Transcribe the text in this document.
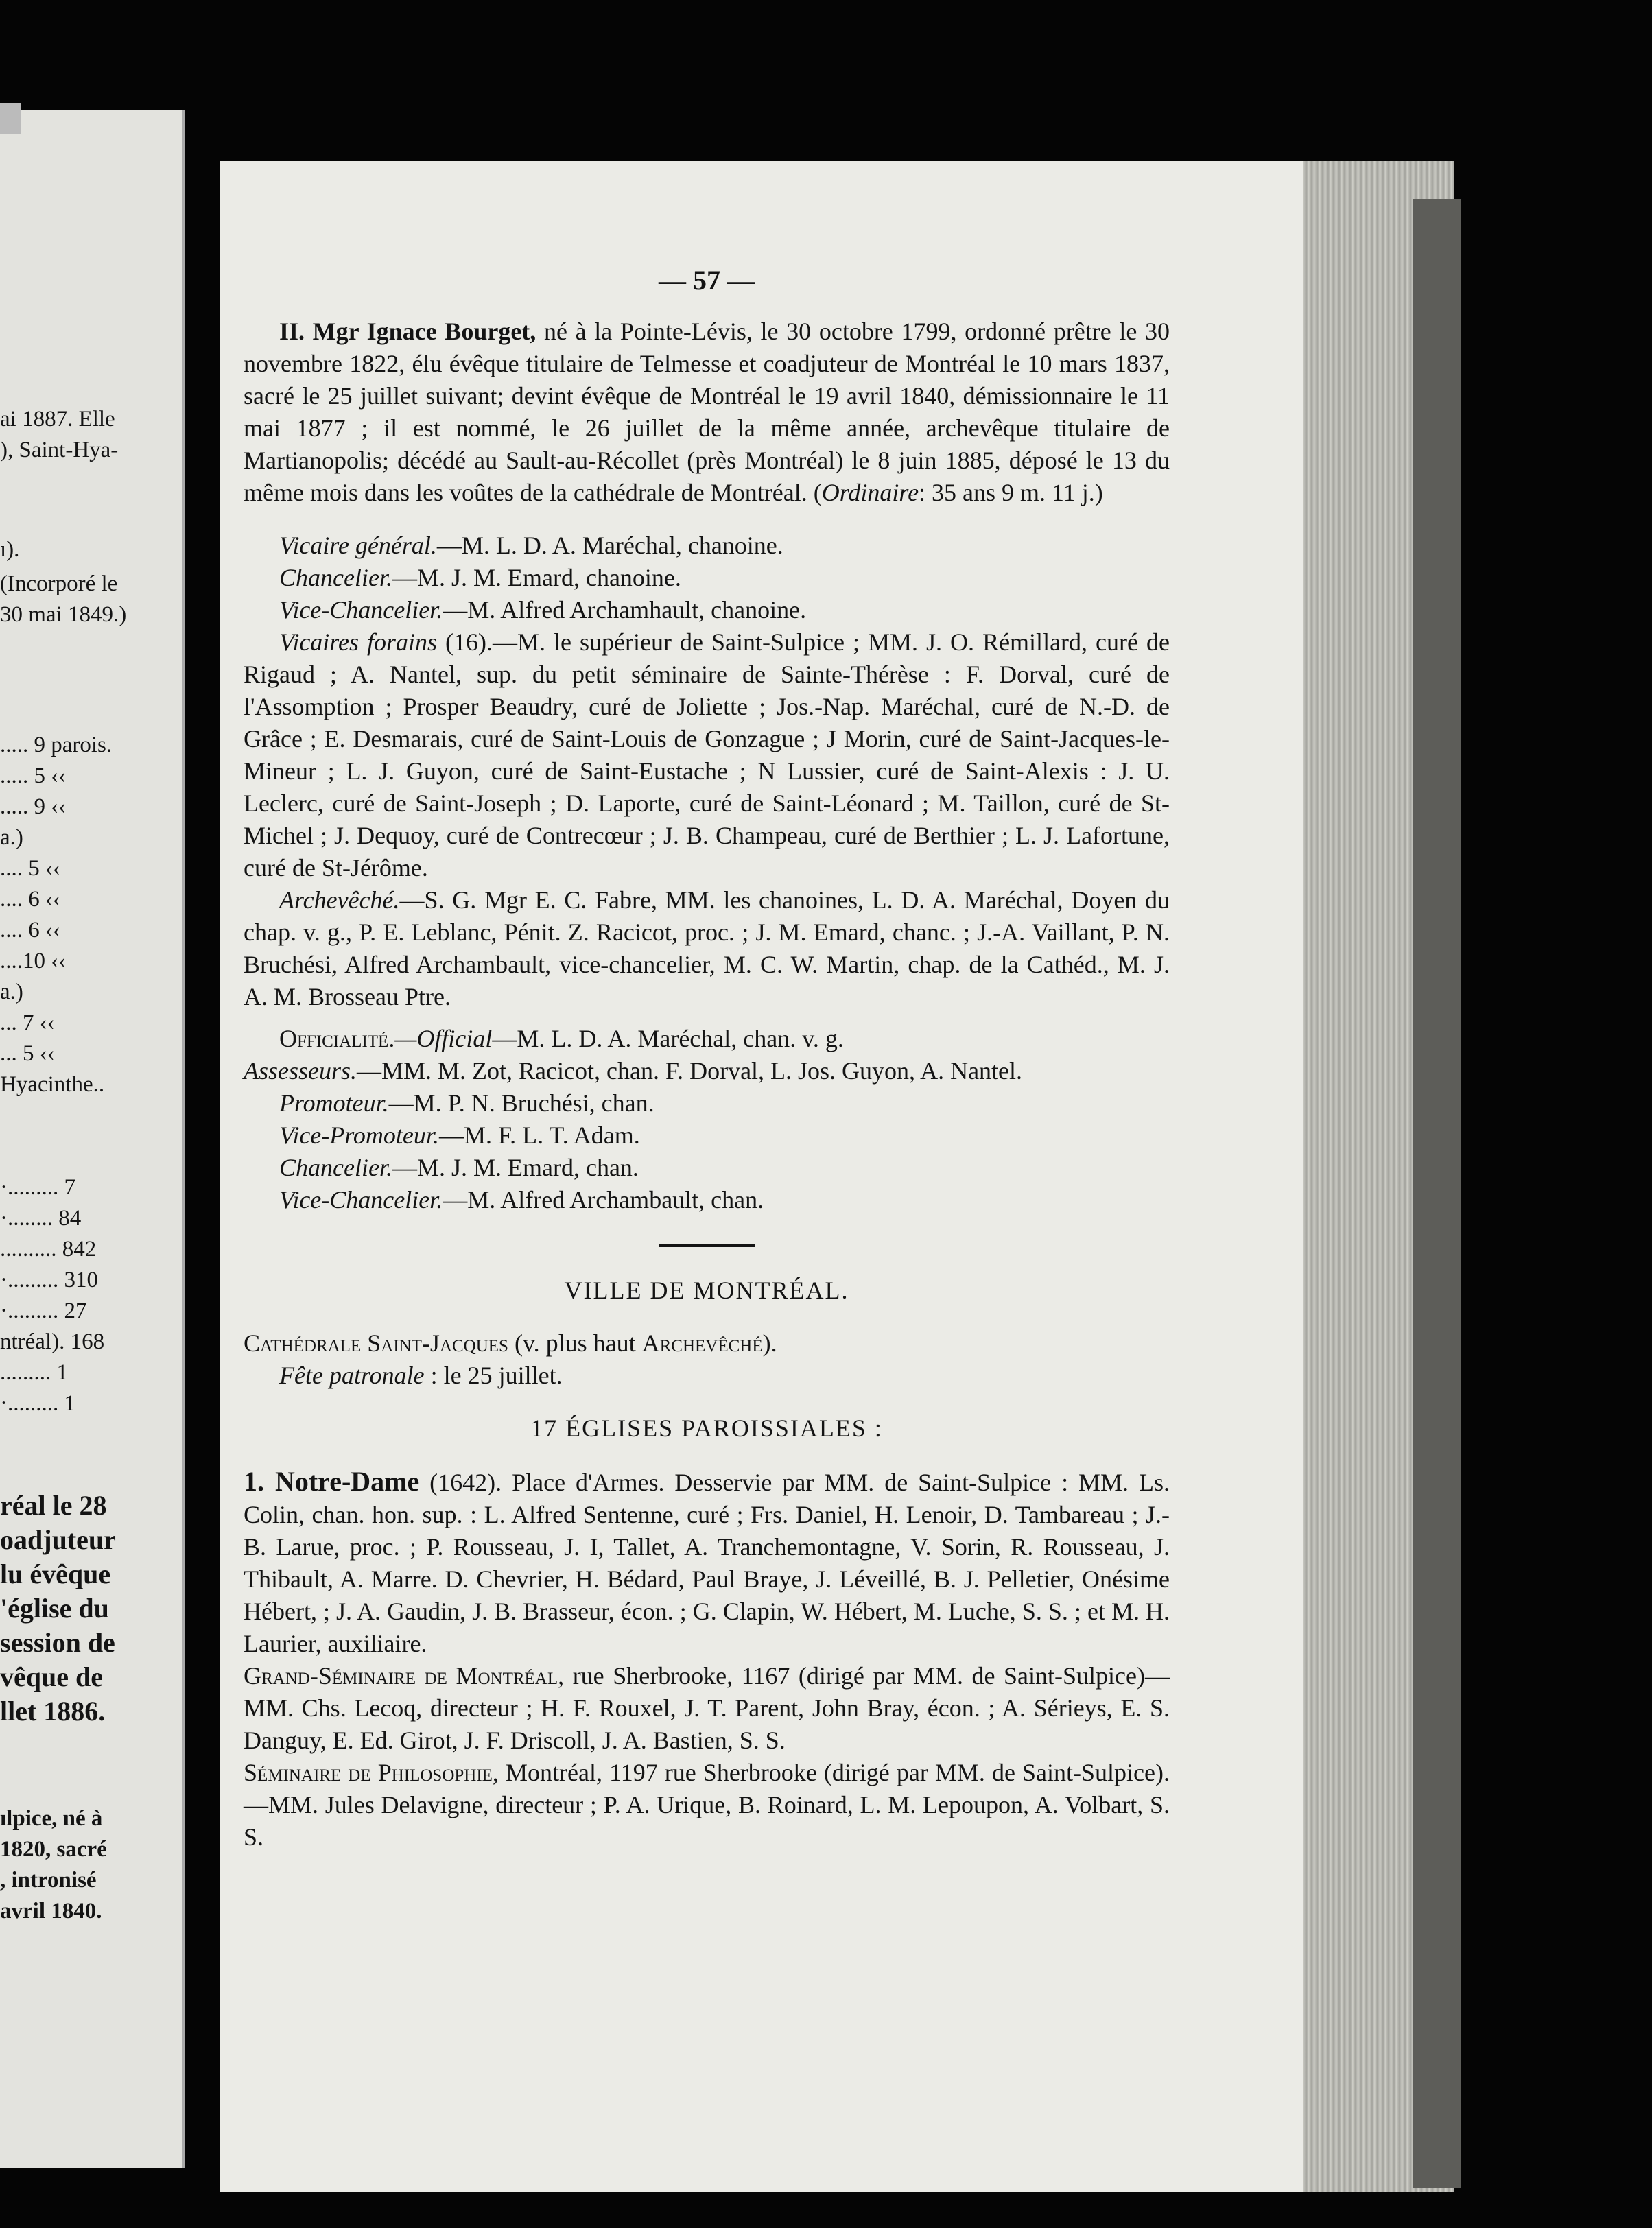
ai 1887. Elle
), Saint-Hya-
ı).
(Incorporé le
30 mai 1849.)
..... 9 parois.
..... 5 ‹‹
..... 9 ‹‹
a.)
.... 5 ‹‹
.... 6 ‹‹
.... 6 ‹‹
....10 ‹‹
a.)
... 7 ‹‹
... 5 ‹‹
Hyacinthe..
·......... 7
·........ 84
.......... 842
·......... 310
·......... 27
ntréal). 168
......... 1
·......... 1
réal le 28
oadjuteur
lu évêque
'église du
session de
vêque de
llet 1886.
ılpice, né à
1820, sacré
, intronisé
avril 1840.

— 57 —

II. Mgr Ignace Bourget, né à la Pointe-Lévis, le 30 octobre 1799, ordonné prêtre le 30 novembre 1822, élu évêque titulaire de Telmesse et coadjuteur de Montréal le 10 mars 1837, sacré le 25 juillet suivant; devint évêque de Montréal le 19 avril 1840, démissionnaire le 11 mai 1877 ; il est nommé, le 26 juillet de la même année, archevêque titulaire de Martianopolis; décédé au Sault-au-Récollet (près Montréal) le 8 juin 1885, déposé le 13 du même mois dans les voûtes de la cathédrale de Montréal. (Ordinaire: 35 ans 9 m. 11 j.)

Vicaire général.—M. L. D. A. Maréchal, chanoine.

Chancelier.—M. J. M. Emard, chanoine.

Vice-Chancelier.—M. Alfred Archamhault, chanoine.

Vicaires forains (16).—M. le supérieur de Saint-Sulpice ; MM. J. O. Rémillard, curé de Rigaud ; A. Nantel, sup. du petit séminaire de Sainte-Thérèse : F. Dorval, curé de l'Assomption ; Prosper Beaudry, curé de Joliette ; Jos.-Nap. Maréchal, curé de N.-D. de Grâce ; E. Desmarais, curé de Saint-Louis de Gonzague ; J Morin, curé de Saint-Jacques-le-Mineur ; L. J. Guyon, curé de Saint-Eustache ; N Lussier, curé de Saint-Alexis : J. U. Leclerc, curé de Saint-Joseph ; D. Laporte, curé de Saint-Léonard ; M. Taillon, curé de St-Michel ; J. Dequoy, curé de Contrecœur ; J. B. Champeau, curé de Berthier ; L. J. Lafortune, curé de St-Jérôme.

Archevêché.—S. G. Mgr E. C. Fabre, MM. les chanoines, L. D. A. Maréchal, Doyen du chap. v. g., P. E. Leblanc, Pénit. Z. Racicot, proc. ; J. M. Emard, chanc. ; J.-A. Vaillant, P. N. Bruchési, Alfred Archambault, vice-chancelier, M. C. W. Martin, chap. de la Cathéd., M. J. A. M. Brosseau Ptre.

Officialité.—Official—M. L. D. A. Maréchal, chan. v. g.

Assesseurs.—MM. M. Zot, Racicot, chan. F. Dorval, L. Jos. Guyon, A. Nantel.

Promoteur.—M. P. N. Bruchési, chan.

Vice-Promoteur.—M. F. L. T. Adam.

Chancelier.—M. J. M. Emard, chan.

Vice-Chancelier.—M. Alfred Archambault, chan.

VILLE DE MONTRÉAL.

Cathédrale Saint-Jacques (v. plus haut Archevêché).

Fête patronale : le 25 juillet.

17 ÉGLISES PAROISSIALES :

1. Notre-Dame (1642). Place d'Armes. Desservie par MM. de Saint-Sulpice : MM. Ls. Colin, chan. hon. sup. : L. Alfred Sentenne, curé ; Frs. Daniel, H. Lenoir, D. Tambareau ; J.-B. Larue, proc. ; P. Rousseau, J. I, Tallet, A. Tranchemontagne, V. Sorin, R. Rousseau, J. Thibault, A. Marre. D. Chevrier, H. Bédard, Paul Braye, J. Léveillé, B. J. Pelletier, Onésime Hébert, ; J. A. Gaudin, J. B. Brasseur, écon. ; G. Clapin, W. Hébert, M. Luche, S. S. ; et M. H. Laurier, auxiliaire.

Grand-Séminaire de Montréal, rue Sherbrooke, 1167 (dirigé par MM. de Saint-Sulpice)—MM. Chs. Lecoq, directeur ; H. F. Rouxel, J. T. Parent, John Bray, écon. ; A. Sérieys, E. S. Danguy, E. Ed. Girot, J. F. Driscoll, J. A. Bastien, S. S.

Séminaire de Philosophie, Montréal, 1197 rue Sherbrooke (dirigé par MM. de Saint-Sulpice).—MM. Jules Delavigne, directeur ; P. A. Urique, B. Roinard, L. M. Lepoupon, A. Volbart, S. S.
